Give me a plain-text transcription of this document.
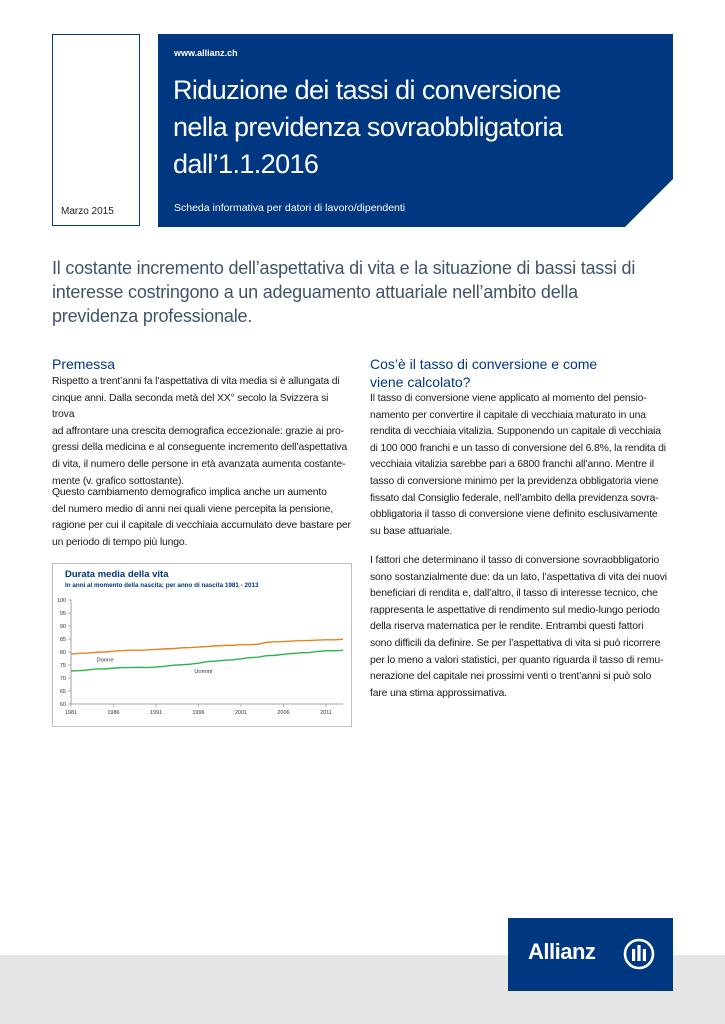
Marzo 2015
www.allianz.ch
Riduzione dei tassi di conversione
nella previdenza sovraobbligatoria
dall’1.1.2016
Scheda informativa per datori di lavoro/dipendenti

Il costante incremento dell’aspettativa di vita e la situazione di bassi tassi di interesse costringono a un adeguamento attuariale nell’ambito della previdenza professionale.

Premessa

Rispetto a trent’anni fa l’aspettativa di vita media si è allungata di
cinque anni. Dalla seconda metà del XX° secolo la Svizzera si trova
ad affrontare una crescita demografica eccezionale: grazie ai pro-
gressi della medicina e al conseguente incremento dell’aspettativa
di vita, il numero delle persone in età avanzata aumenta costante-
mente (v. grafico sottostante).

Questo cambiamento demografico implica anche un aumento
del numero medio di anni nei quali viene percepita la pensione,
ragione per cui il capitale di vecchiaia accumulato deve bastare per
un periodo di tempo più lungo.

Durata media della vita
In anni al momento della nascita; per anno di nascita 1981 - 2013
100
95
90
85
80
75
70
65
60
1981	1986	1991	1996	2001	2006	2011
Donne
Uomini
Cos’è il tasso di conversione e come
viene calcolato?

Il tasso di conversione viene applicato al momento del pensio-
namento per convertire il capitale di vecchiaia maturato in una
rendita di vecchiaia vitalizia. Supponendo un capitale di vecchiaia
di 100 000 franchi e un tasso di conversione del 6.8%, la rendita di
vecchiaia vitalizia sarebbe pari a 6800 franchi all’anno. Mentre il
tasso di conversione minimo per la previdenza obbligatoria viene
fissato dal Consiglio federale, nell’ambito della previdenza sovra-
obbligatoria il tasso di conversione viene definito esclusivamente
su base attuariale.

I fattori che determinano il tasso di conversione sovraobbligatorio
sono sostanzialmente due: da un lato, l’aspettativa di vita dei nuovi
beneficiari di rendita e, dall’altro, il tasso di interesse tecnico, che
rappresenta le aspettative di rendimento sul medio-lungo periodo
della riserva matematica per le rendite. Entrambi questi fattori
sono difficili da definire. Se per l’aspettativa di vita si può ricorrere
per lo meno a valori statistici, per quanto riguarda il tasso di remu-
nerazione del capitale nei prossimi venti o trent’anni si può solo
fare una stima approssimativa.

Allianz
